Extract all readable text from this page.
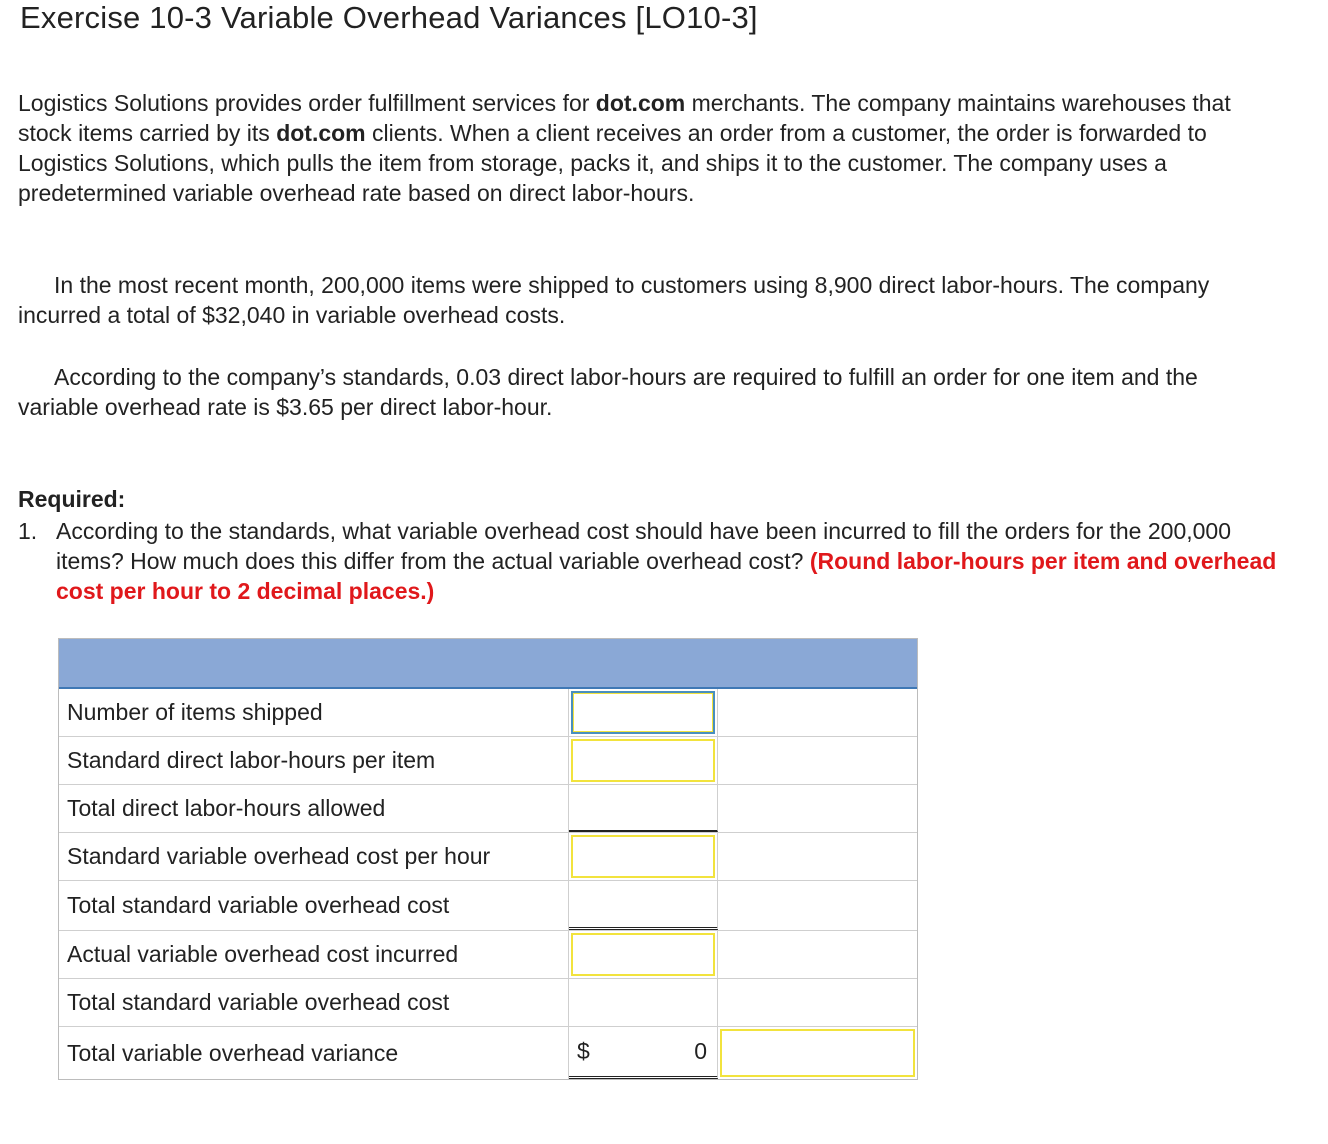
Exercise 10-3 Variable Overhead Variances [LO10-3]

Logistics Solutions provides order fulfillment services for dot.com merchants. The company maintains warehouses that stock items carried by its dot.com clients. When a client receives an order from a customer, the order is forwarded to Logistics Solutions, which pulls the item from storage, packs it, and ships it to the customer. The company uses a predetermined variable overhead rate based on direct labor-hours.

In the most recent month, 200,000 items were shipped to customers using 8,900 direct labor-hours. The company incurred a total of $32,040 in variable overhead costs.

According to the company’s standards, 0.03 direct labor-hours are required to fulfill an order for one item and the variable overhead rate is $3.65 per direct labor-hour.

Required:

1. According to the standards, what variable overhead cost should have been incurred to fill the orders for the 200,000 items? How much does this differ from the actual variable overhead cost? (Round labor-hours per item and overhead cost per hour to 2 decimal places.)
Number of items shipped
Standard direct labor-hours per item
Total direct labor-hours allowed
Standard variable overhead cost per hour
Total standard variable overhead cost
Actual variable overhead cost incurred
Total standard variable overhead cost
Total variable overhead variance	$	0
